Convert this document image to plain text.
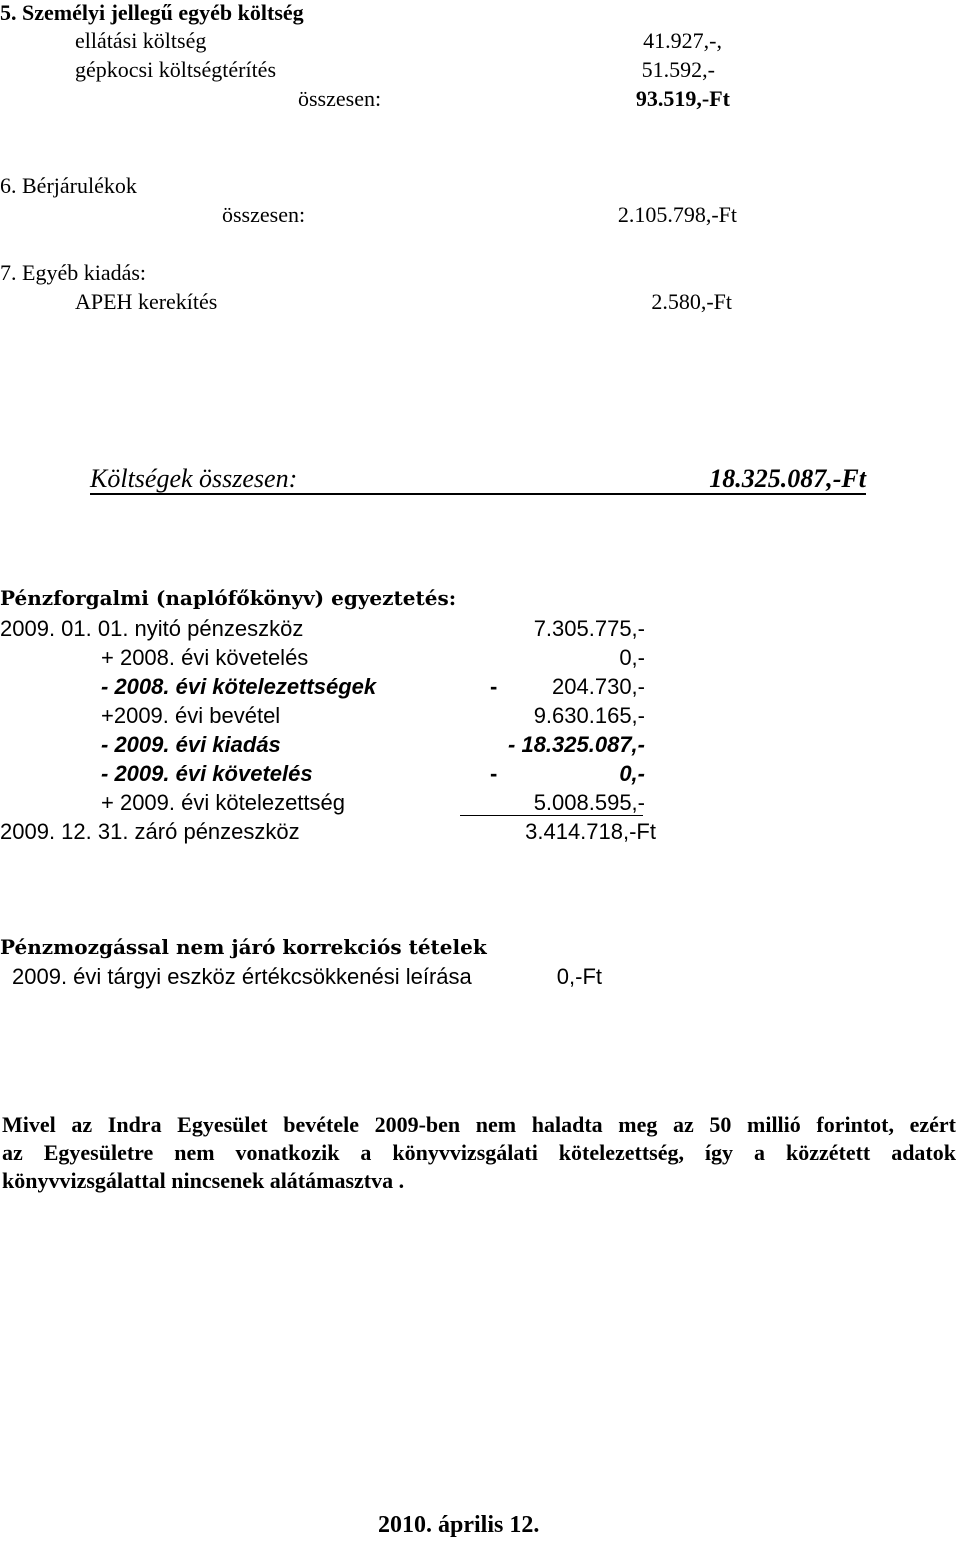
5. Személyi jellegű egyéb költség
ellátási költség	41.927,-,
gépkocsi költségtérítés	51.592,-
összesen:	93.519,-Ft
6. Bérjárulékok
összesen:	2.105.798,-Ft
7. Egyéb kiadás:
APEH kerekítés	2.580,-Ft
Költségek összesen:	18.325.087,-Ft
Pénzforgalmi (naplófőkönyv) egyeztetés:
2009. 01. 01. nyitó pénzeszköz	7.305.775,-
+ 2008. évi követelés	0,-
- 2008. évi kötelezettségek	- 204.730,-
+2009. évi bevétel	9.630.165,-
- 2009. évi kiadás	- 18.325.087,-
- 2009. évi követelés	-	0,-
+ 2009. évi kötelezettség	5.008.595,-
2009. 12. 31. záró pénzeszköz	3.414.718,-Ft
Pénzmozgással nem járó korrekciós tételek
2009. évi tárgyi eszköz értékcsökkenési leírása	0,-Ft
Mivel az Indra Egyesület bevétele 2009-ben nem haladta meg az 50 millió forintot, ezért
az Egyesületre nem vonatkozik a könyvvizsgálati kötelezettség, így a közzétett adatok
könyvvizsgálattal nincsenek alátámasztva .
2010. április 12.
